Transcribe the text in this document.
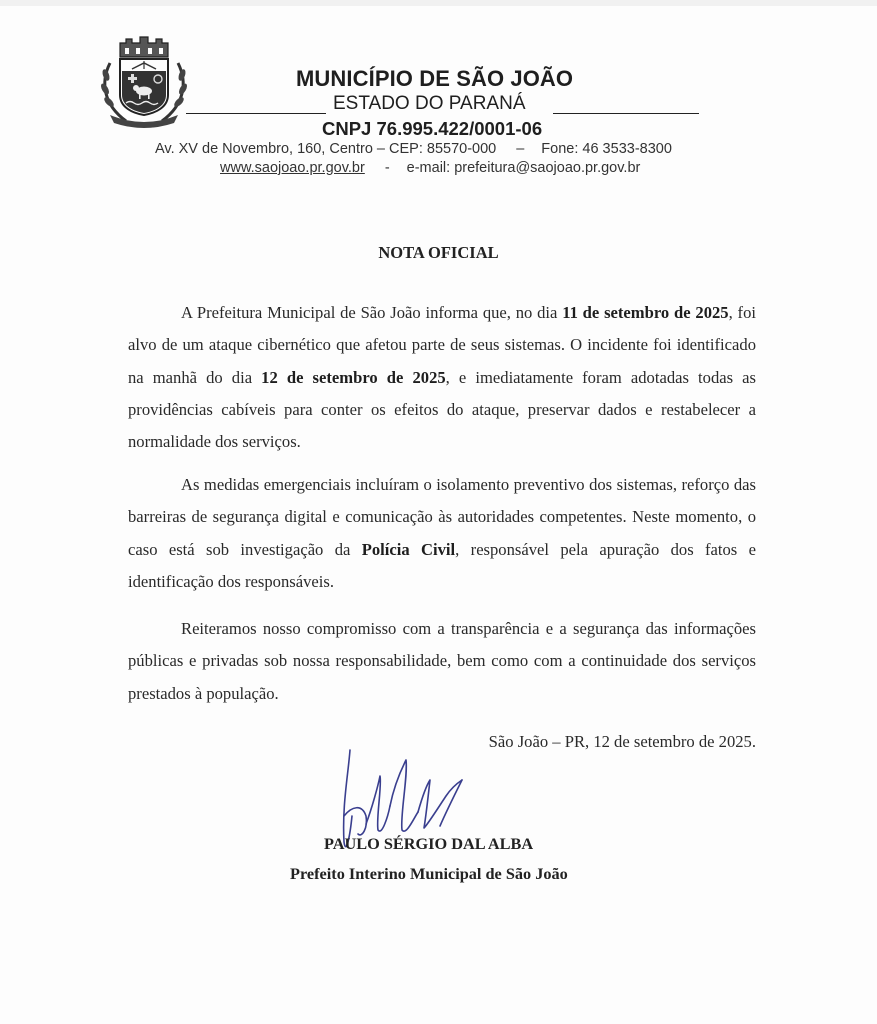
MUNICÍPIO DE SÃO JOÃO
ESTADO DO PARANÁ
CNPJ 76.995.422/0001-06
Av. XV de Novembro, 160, Centro – CEP: 85570-000 – Fone: 46 3533-8300
www.saojoao.pr.gov.br - e-mail: prefeitura@saojoao.pr.gov.br
NOTA OFICIAL

A Prefeitura Municipal de São João informa que, no dia 11 de setembro de 2025, foi alvo de um ataque cibernético que afetou parte de seus sistemas. O incidente foi identificado na manhã do dia 12 de setembro de 2025, e imediatamente foram adotadas todas as providências cabíveis para conter os efeitos do ataque, preservar dados e restabelecer a normalidade dos serviços.

As medidas emergenciais incluíram o isolamento preventivo dos sistemas, reforço das barreiras de segurança digital e comunicação às autoridades competentes. Neste momento, o caso está sob investigação da Polícia Civil, responsável pela apuração dos fatos e identificação dos responsáveis.

Reiteramos nosso compromisso com a transparência e a segurança das informações públicas e privadas sob nossa responsabilidade, bem como com a continuidade dos serviços prestados à população.

São João – PR, 12 de setembro de 2025.
PAULO SÉRGIO DAL ALBA
Prefeito Interino Municipal de São João
